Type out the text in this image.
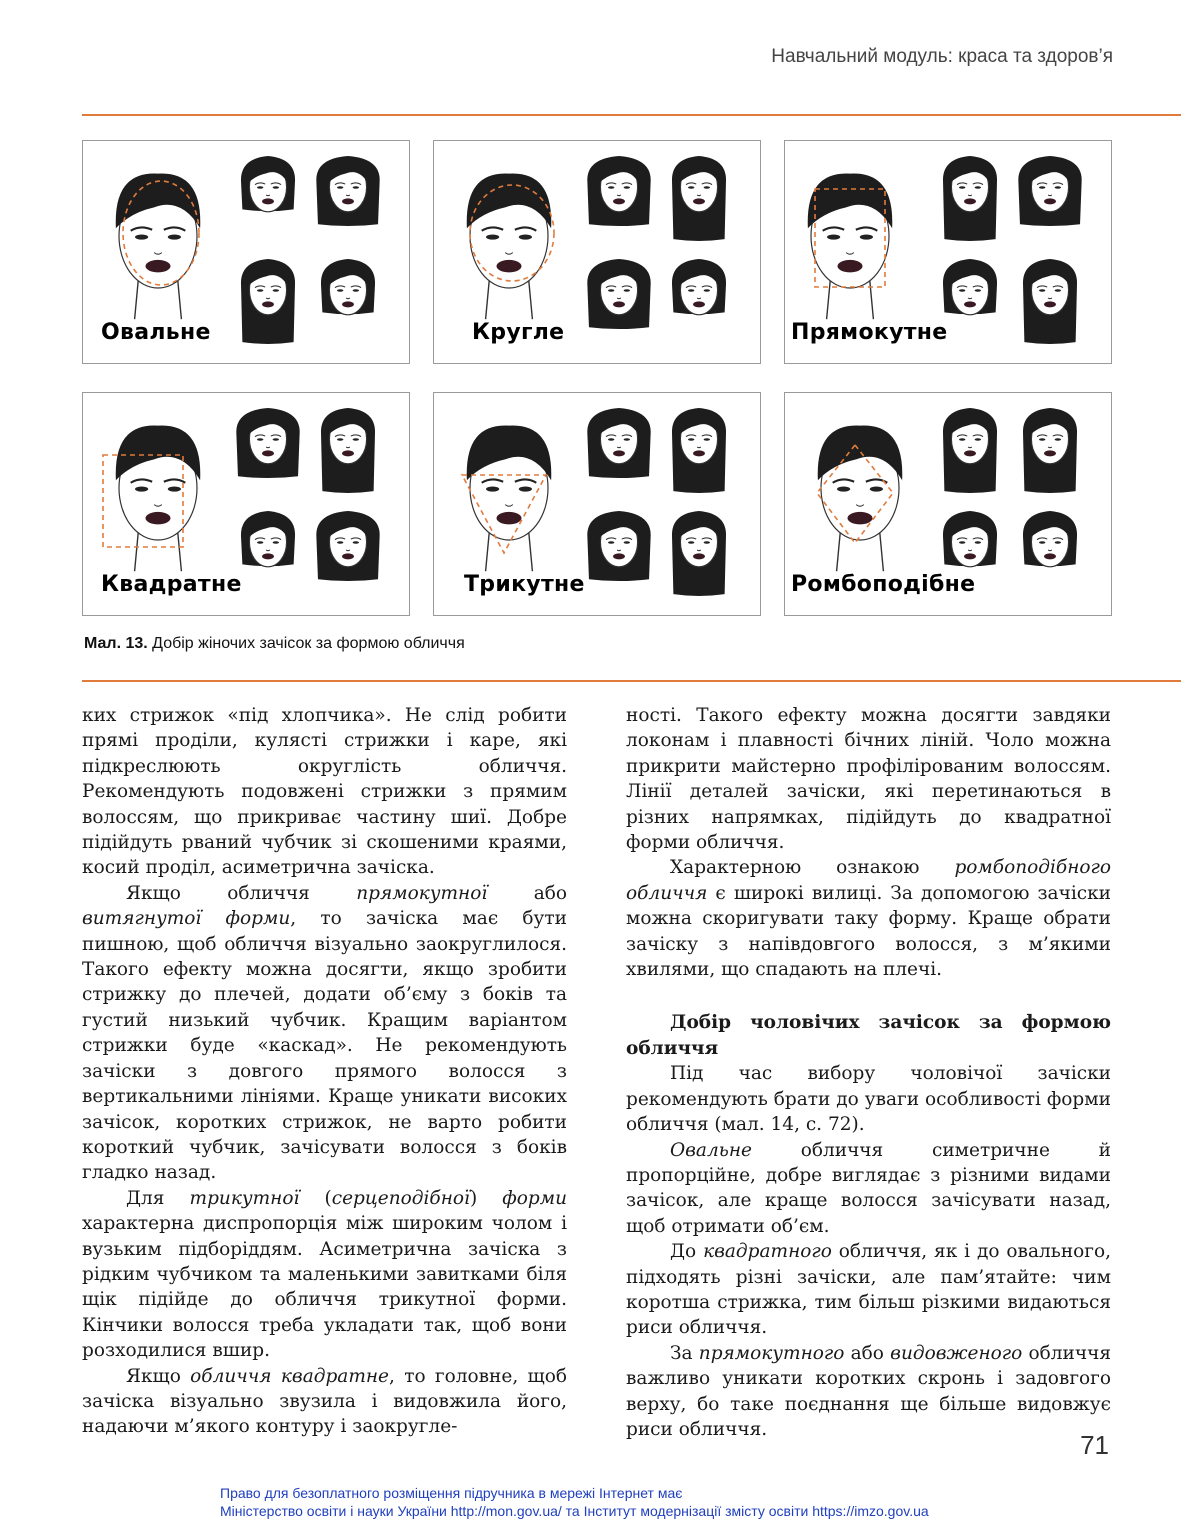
Навчальний модуль: краса та здоров’я
Овальне	Кругле	Прямокутне
Квадратне	Трикутне	Ромбоподібне
Мал. 13. Добір жіночих зачісок за формою обличчя

ких стрижок «під хлопчика». Не слід робити прямі проділи, кулясті стрижки і каре, які підкреслюють округлість обличчя. Рекомендують подовжені стрижки з прямим волоссям, що прикриває частину шиї. Добре підійдуть рваний чубчик зі скошеними краями, косий проділ, асиметрична зачіска.

Якщо обличчя прямокутної або витягнутої форми, то зачіска має бути пишною, щоб обличчя візуально заокруглилося. Такого ефекту можна досягти, якщо зробити стрижку до плечей, додати об’єму з боків та густий низький чубчик. Кращим варіантом стрижки буде «каскад». Не рекомендують зачіски з довгого прямого волосся з вертикальними лініями. Краще уникати високих зачісок, коротких стрижок, не варто робити короткий чубчик, зачісувати волосся з боків гладко назад.

Для трикутної (серцеподібної) форми характерна диспропорція між широким чолом і вузьким підборіддям. Асиметрична зачіска з рідким чубчиком та маленькими завитками біля щік підійде до обличчя трикутної форми. Кінчики волосся треба укладати так, щоб вони розходилися вшир.

Якщо обличчя квадратне, то головне, щоб зачіска візуально звузила і видовжила його, надаючи м’якого контуру і заокругле-

ності. Такого ефекту можна досягти завдяки локонам і плавності бічних ліній. Чоло можна прикрити майстерно профілірованим волоссям. Лінії деталей зачіски, які перетинаються в різних напрямках, підійдуть до квадратної форми обличчя.

Характерною ознакою ромбоподібного обличчя є широкі вилиці. За допомогою зачіски можна скоригувати таку форму. Краще обрати зачіску з напівдовгого волосся, з м’якими хвилями, що спадають на плечі.

Добір чоловічих зачісок за формою обличчя

Під час вибору чоловічої зачіски рекомендують брати до уваги особливості форми обличчя (мал. 14, с. 72).

Овальне обличчя симетричне й пропорційне, добре виглядає з різними видами зачісок, але краще волосся зачісувати назад, щоб отримати об’єм.

До квадратного обличчя, як і до овального, підходять різні зачіски, але пам’ятайте: чим коротша стрижка, тим більш різкими видаються риси обличчя.

За прямокутного або видовженого обличчя важливо уникати коротких скронь і задовгого верху, бо таке поєднання ще більше видовжує риси обличчя.

71
Право для безоплатного розміщення підручника в мережі Інтернет має
Міністерство освіти і науки України http://mon.gov.ua/ та Інститут модернізації змісту освіти https://imzo.gov.ua
